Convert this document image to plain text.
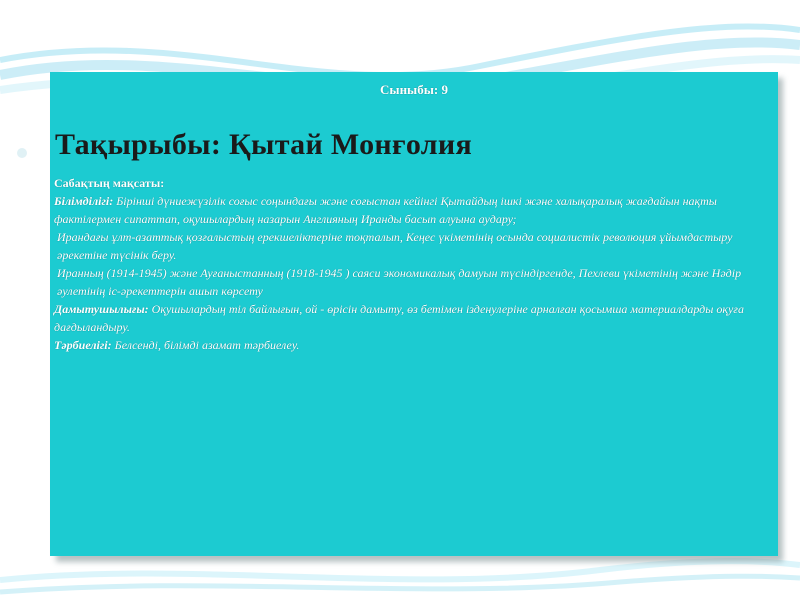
Сыныбы: 9
Тақырыбы: Қытай Монғолия

Сабақтың мақсаты:

Білімділігі: Бірінші дүниежүзілік соғыс соңындағы және соғыстан кейінгі Қытайдың ішкі және халықаралық жағдайын нақты фактілермен сипаттап, оқушылардың назарын Англияның Иранды басып алуына аудару;

Ирандағы ұлт-азаттық қозғалыстың ерекшеліктеріне тоқталып, Кеңес үкіметінің осында социалистік революция ұйымдастыру әрекетіне түсінік беру.

Иранның (1914-1945) және Ауғаныстанның (1918-1945 ) саяси экономикалық дамуын түсіндіргенде, Пехлеви үкіметінің және Нәдір әулетінің іс-әрекеттерін ашып көрсету

Дамытушылығы: Оқушылардың тіл байлығын, ой - өрісін дамыту, өз бетімен ізденулеріне арналған қосымша материалдарды оқуға дағдыландыру.

Тәрбиелігі: Белсенді, білімді азамат тәрбиелеу.
